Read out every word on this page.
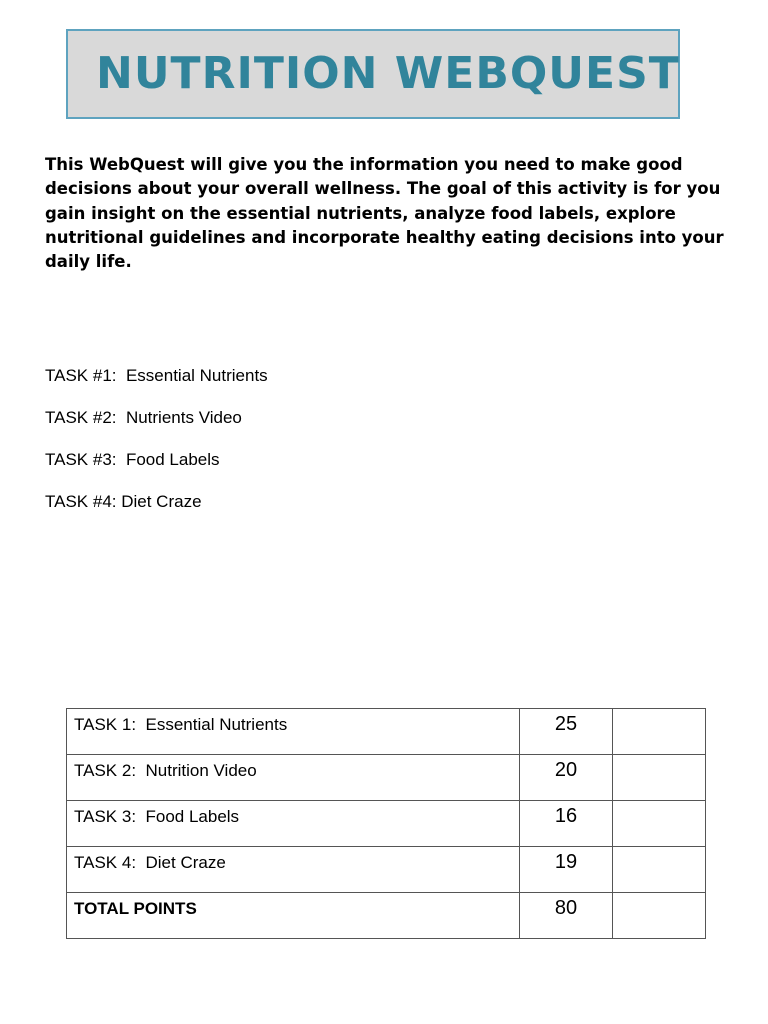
NUTRITION WEBQUEST

This WebQuest will give you the information you need to make good decisions about your overall wellness. The goal of this activity is for you gain insight on the essential nutrients, analyze food labels, explore nutritional guidelines and incorporate healthy eating decisions into your daily life.

TASK #1:  Essential Nutrients
TASK #2:  Nutrients Video
TASK #3:  Food Labels
TASK #4: Diet Craze
TASK 1:  Essential Nutrients	25	
TASK 2:  Nutrition Video	20	
TASK 3:  Food Labels	16	
TASK 4:  Diet Craze	19	
TOTAL POINTS	80	
